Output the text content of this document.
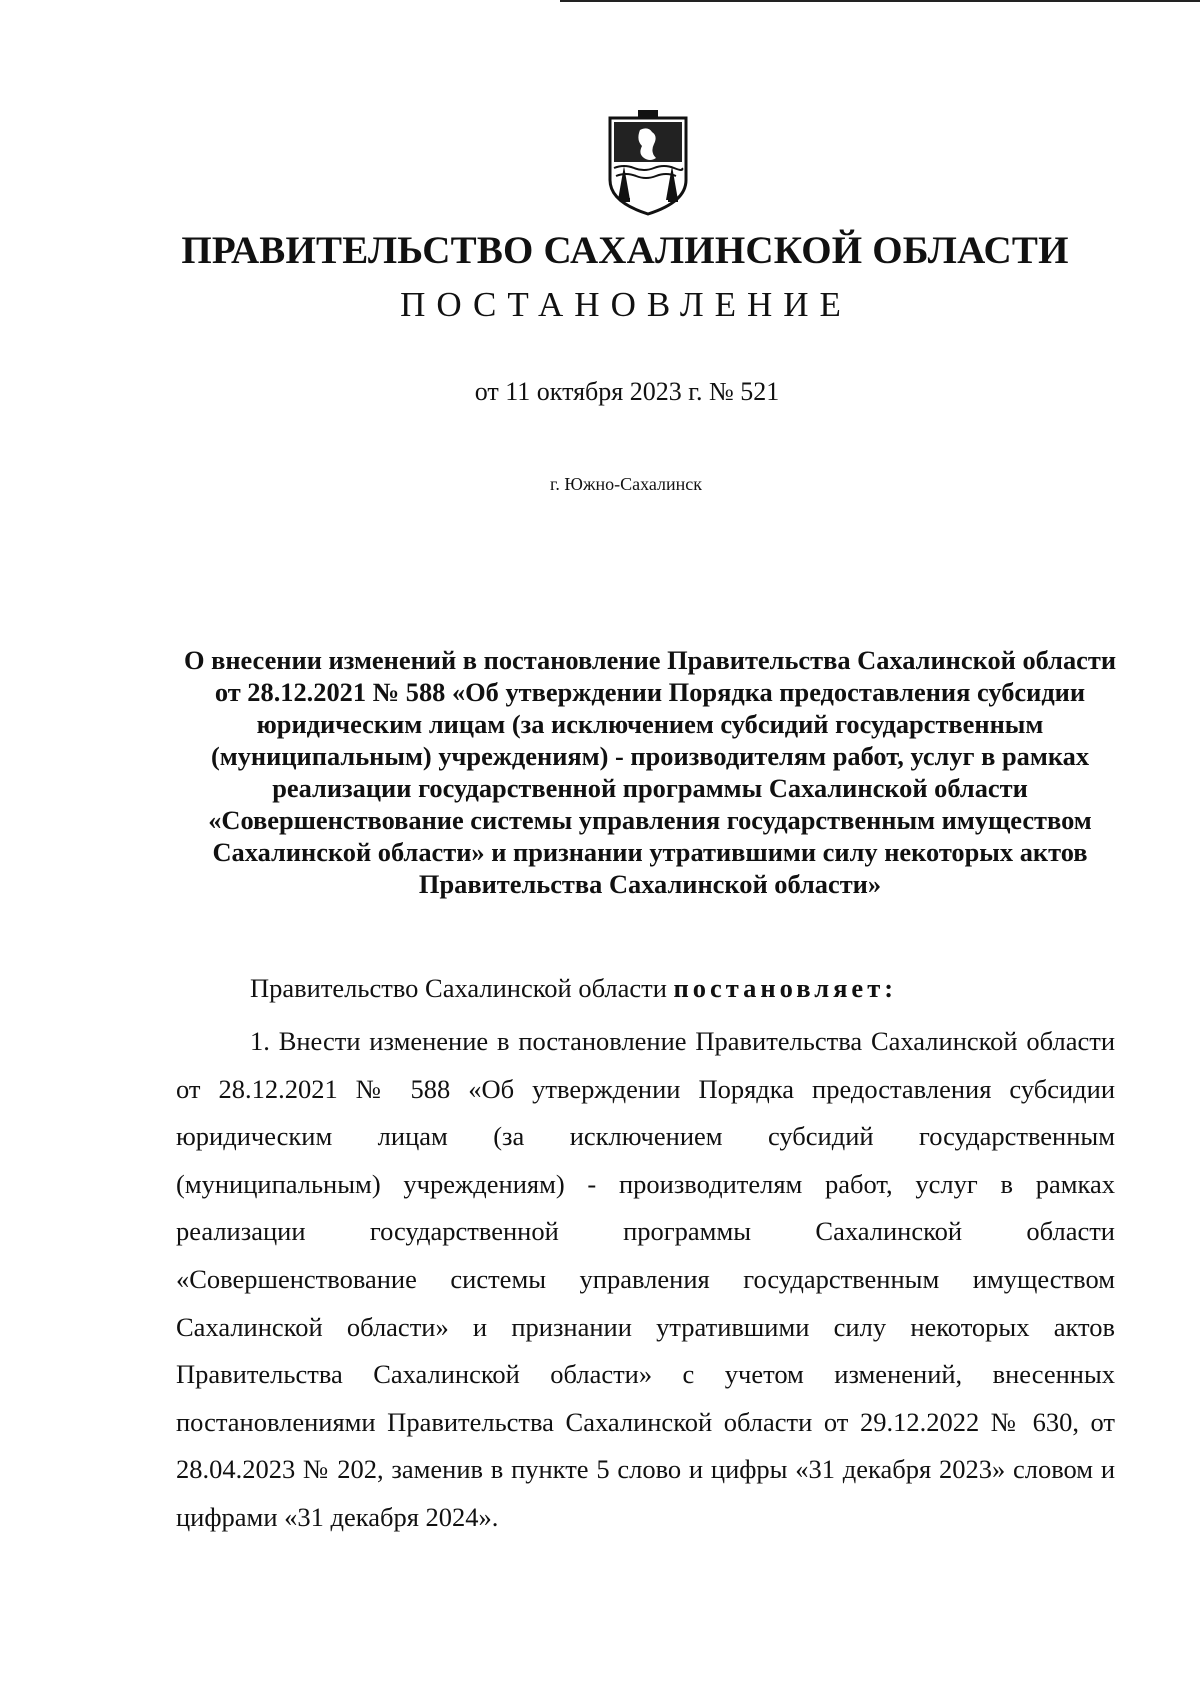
ПРАВИТЕЛЬСТВО САХАЛИНСКОЙ ОБЛАСТИ
ПОСТАНОВЛЕНИЕ
от 11 октября 2023 г. № 521
г. Южно-Сахалинск
О внесении изменений в постановление Правительства Сахалинской области от 28.12.2021 № 588 «Об утверждении Порядка предоставления субсидии юридическим лицам (за исключением субсидий государственным (муниципальным) учреждениям) - производителям работ, услуг в рамках реализации государственной программы Сахалинской области «Совершенствование системы управления государственным имуществом Сахалинской области» и признании утратившими силу некоторых актов Правительства Сахалинской области»
Правительство Сахалинской области постановляет:

1. Внести изменение в постановление Правительства Сахалинской области от 28.12.2021 № 588 «Об утверждении Порядка предоставления субсидии юридическим лицам (за исключением субсидий государственным (муниципальным) учреждениям) - производителям работ, услуг в рамках реализации государственной программы Сахалинской области «Совершенствование системы управления государственным имуществом Сахалинской области» и признании утратившими силу некоторых актов Правительства Сахалинской области» с учетом изменений, внесенных постановлениями Правительства Сахалинской области от 29.12.2022 № 630, от 28.04.2023 № 202, заменив в пункте 5 слово и цифры «31 декабря 2023» словом и цифрами «31 декабря 2024».
